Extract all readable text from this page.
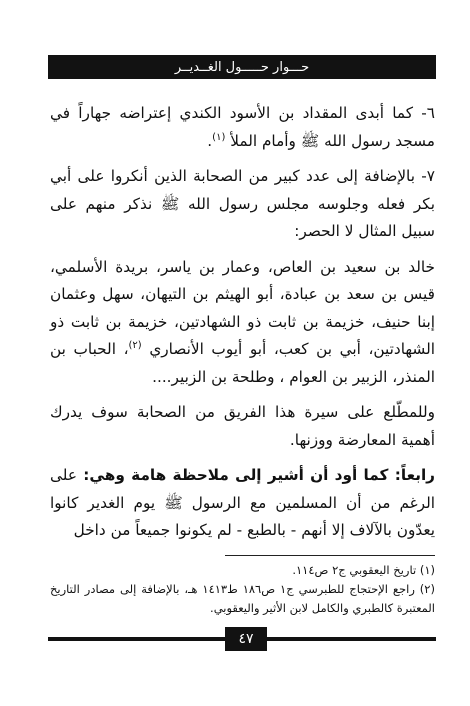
حـــوار حـــــول الغــديــر

٦- كما أبدى المقداد بن الأسود الكندي إعتراضه جهاراً في مسجد رسول الله ﷺ وأمام الملأ $^{(١)}$.

٧- بالإضافة إلى عدد كبير من الصحابة الذين أنكروا على أبي بكر فعله وجلوسه مجلس رسول الله ﷺ نذكر منهم على سبيل المثال لا الحصر:

خالد بن سعيد بن العاص، وعمار بن ياسر، بريدة الأسلمي، قيس بن سعد بن عبادة، أبو الهيثم بن التيهان، سهل وعثمان إبنا حنيف، خزيمة بن ثابت ذو الشهادتين، خزيمة بن ثابت ذو الشهادتين، أبي بن كعب، أبو أيوب الأنصاري $^{(٢)}$، الحباب بن المنذر، الزبير بن العوام ، وطلحة بن الزبير....

وللمطّلع على سيرة هذا الفريق من الصحابة سوف يدرك أهمية المعارضة ووزنها.

رابعاً: كما أود أن أشير إلى ملاحظة هامة وهي: على الرغم من أن المسلمين مع الرسول ﷺ يوم الغدير كانوا يعدّون بالآلاف إلا أنهم - بالطبع - لم يكونوا جميعاً من داخل

(١) تاريخ اليعقوبي ج٢ ص١١٤.
(٢) راجع الإحتجاج للطبرسي ج١ ص١٨٦ ط١٤١٣ هـ، بالإضافة إلى مصادر التاريخ المعتبرة كالطبري والكامل لابن الأثير واليعقوبي.
٤٧
